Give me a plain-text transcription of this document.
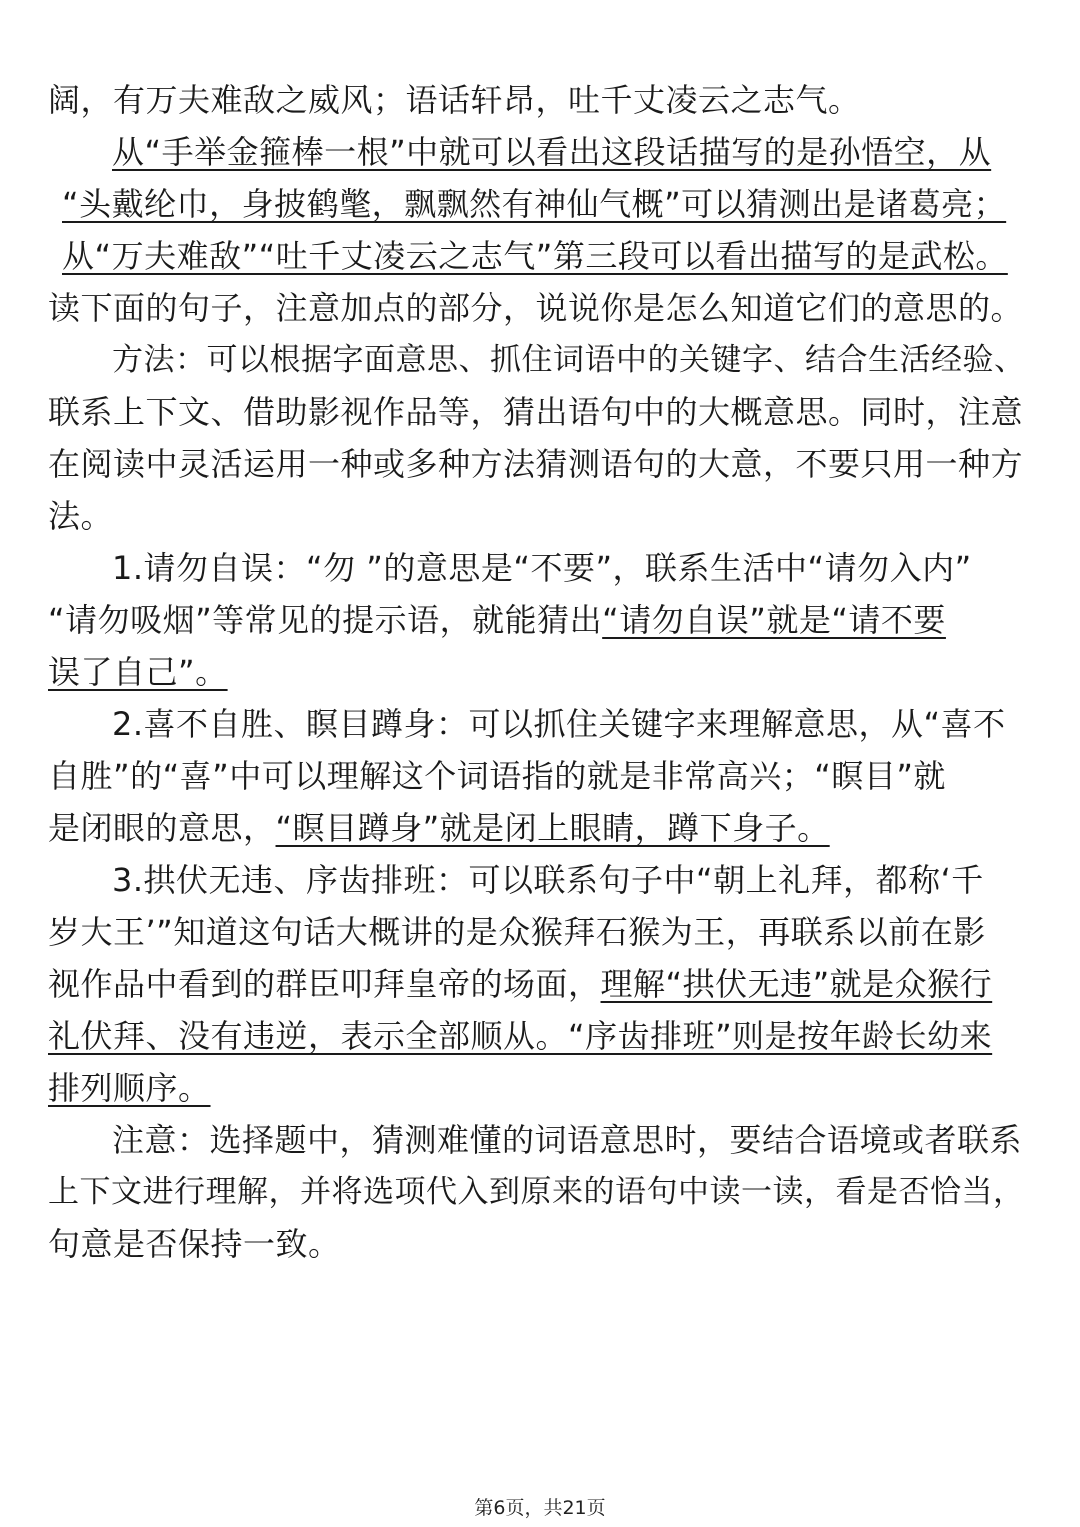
阔，有万夫难敌之威风；语话轩昂，吐千丈凌云之志气。
从“手举金箍棒一根”中就可以看出这段话描写的是孙悟空，从
“头戴纶巾，身披鹤氅，飘飘然有神仙气概”可以猜测出是诸葛亮；
从“万夫难敌”“吐千丈凌云之志气”第三段可以看出描写的是武松。
读下面的句子，注意加点的部分，说说你是怎么知道它们的意思的。
方法：可以根据字面意思、抓住词语中的关键字、结合生活经验、
联系上下文、借助影视作品等，猜出语句中的大概意思。同时，注意
在阅读中灵活运用一种或多种方法猜测语句的大意，不要只用一种方
法。
1.请勿自误：“勿 ”的意思是“不要”，联系生活中“请勿入内”
“请勿吸烟”等常见的提示语，就能猜出“请勿自误”就是“请不要
误了自己”。
2.喜不自胜、瞑目蹲身：可以抓住关键字来理解意思，从“喜不
自胜”的“喜”中可以理解这个词语指的就是非常高兴；“瞑目”就
是闭眼的意思，“瞑目蹲身”就是闭上眼睛，蹲下身子。
3.拱伏无违、序齿排班：可以联系句子中“朝上礼拜，都称‘千
岁大王’”知道这句话大概讲的是众猴拜石猴为王，再联系以前在影
视作品中看到的群臣叩拜皇帝的场面，理解“拱伏无违”就是众猴行
礼伏拜、没有违逆，表示全部顺从。“序齿排班”则是按年龄长幼来
排列顺序。
注意：选择题中，猜测难懂的词语意思时，要结合语境或者联系
上下文进行理解，并将选项代入到原来的语句中读一读，看是否恰当，
句意是否保持一致。
第6页，共21页
